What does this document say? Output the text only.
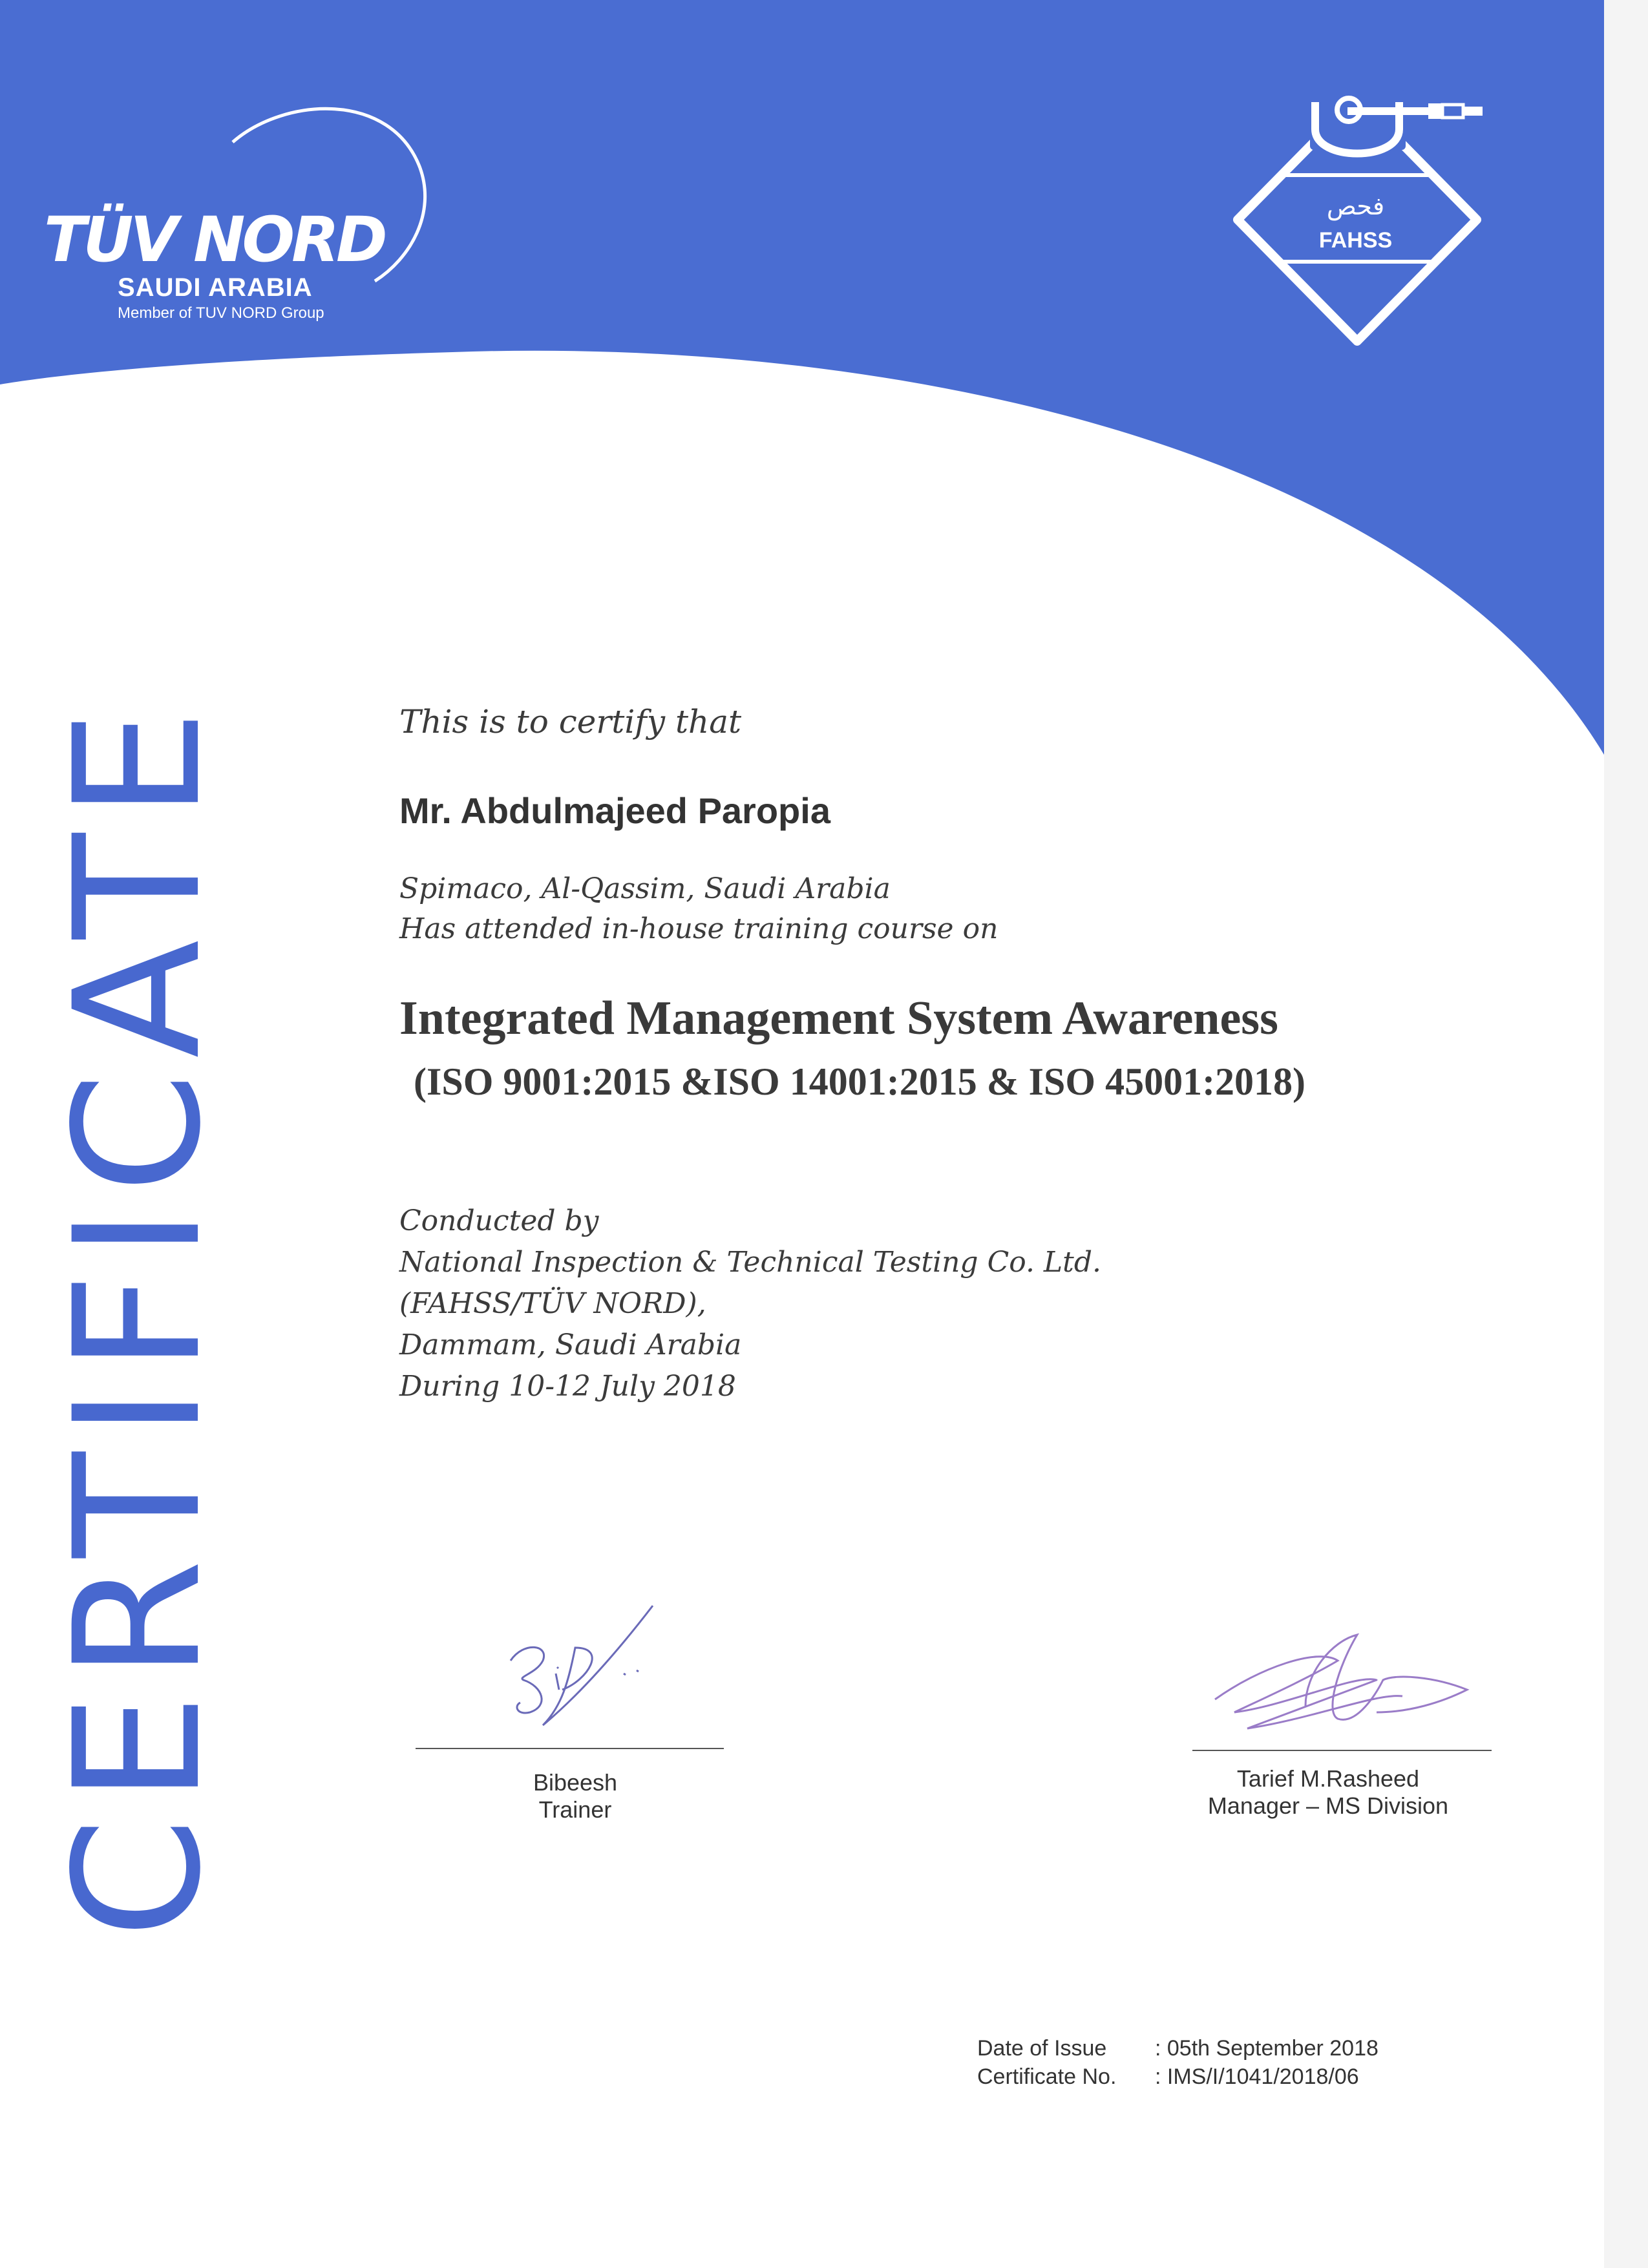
TÜV NORD
SAUDI ARABIA
Member of TUV NORD Group
فحص
FAHSS
CERTIFICATE	This is to certify that
Mr. Abdulmajeed Paropia
Spimaco, Al-Qassim, Saudi Arabia
Has attended in-house training course on
Integrated Management System Awareness
(ISO 9001:2015 &ISO 14001:2015 & ISO 45001:2018)
Conducted by
National Inspection & Technical Testing Co. Ltd.
(FAHSS/TÜV NORD),
Dammam, Saudi Arabia
During 10-12 July 2018
Bibeesh
Trainer
Tarief M.Rasheed
Manager – MS Division
Date of Issue	: 05th September 2018
Certificate No.	: IMS/I/1041/2018/06
